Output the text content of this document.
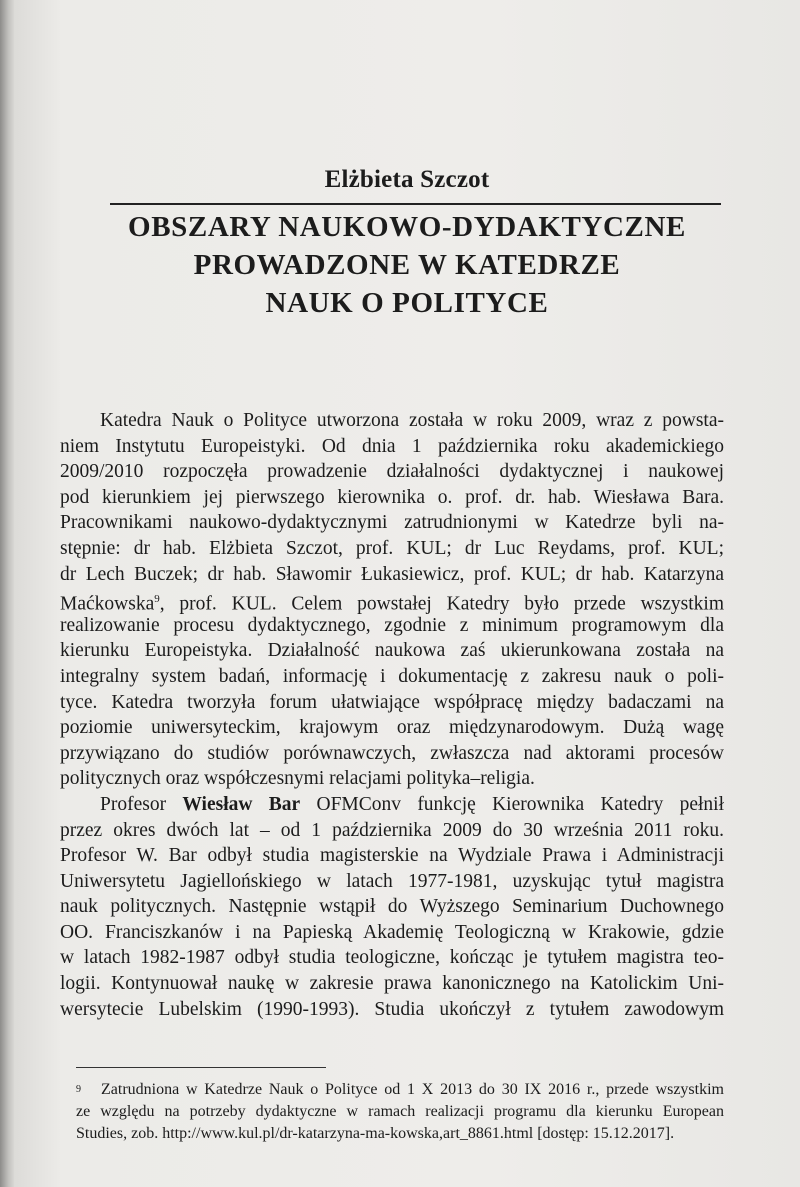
Elżbieta Szczot
OBSZARY NAUKOWO-DYDAKTYCZNE
PROWADZONE W KATEDRZE
NAUK O POLITYCE
Katedra Nauk o Polityce utworzona została w roku 2009, wraz z powsta-
niem Instytutu Europeistyki. Od dnia 1 października roku akademickiego
2009/2010 rozpoczęła prowadzenie działalności dydaktycznej i naukowej
pod kierunkiem jej pierwszego kierownika o. prof. dr. hab. Wiesława Bara.
Pracownikami naukowo-dydaktycznymi zatrudnionymi w Katedrze byli na-
stępnie: dr hab. Elżbieta Szczot, prof. KUL; dr Luc Reydams, prof. KUL;
dr Lech Buczek; dr hab. Sławomir Łukasiewicz, prof. KUL; dr hab. Katarzyna
Maćkowska$^9$, prof. KUL. Celem powstałej Katedry było przede wszystkim
realizowanie procesu dydaktycznego, zgodnie z minimum programowym dla
kierunku Europeistyka. Działalność naukowa zaś ukierunkowana została na
integralny system badań, informację i dokumentację z zakresu nauk o poli-
tyce. Katedra tworzyła forum ułatwiające współpracę między badaczami na
poziomie uniwersyteckim, krajowym oraz międzynarodowym. Dużą wagę
przywiązano do studiów porównawczych, zwłaszcza nad aktorami procesów
politycznych oraz współczesnymi relacjami polityka–religia.
Profesor Wiesław Bar OFMConv funkcję Kierownika Katedry pełnił
przez okres dwóch lat – od 1 października 2009 do 30 września 2011 roku.
Profesor W. Bar odbył studia magisterskie na Wydziale Prawa i Administracji
Uniwersytetu Jagiellońskiego w latach 1977-1981, uzyskując tytuł magistra
nauk politycznych. Następnie wstąpił do Wyższego Seminarium Duchownego
OO. Franciszkanów i na Papieską Akademię Teologiczną w Krakowie, gdzie
w latach 1982-1987 odbył studia teologiczne, kończąc je tytułem magistra teo-
logii. Kontynuował naukę w zakresie prawa kanonicznego na Katolickim Uni-
wersytecie Lubelskim (1990-1993). Studia ukończył z tytułem zawodowym
$^9$ Zatrudniona w Katedrze Nauk o Polityce od 1 X 2013 do 30 IX 2016 r., przede wszystkim
ze względu na potrzeby dydaktyczne w ramach realizacji programu dla kierunku European
Studies, zob. http://www.kul.pl/dr-katarzyna-ma-kowska,art_8861.html [dostęp: 15.12.2017].
